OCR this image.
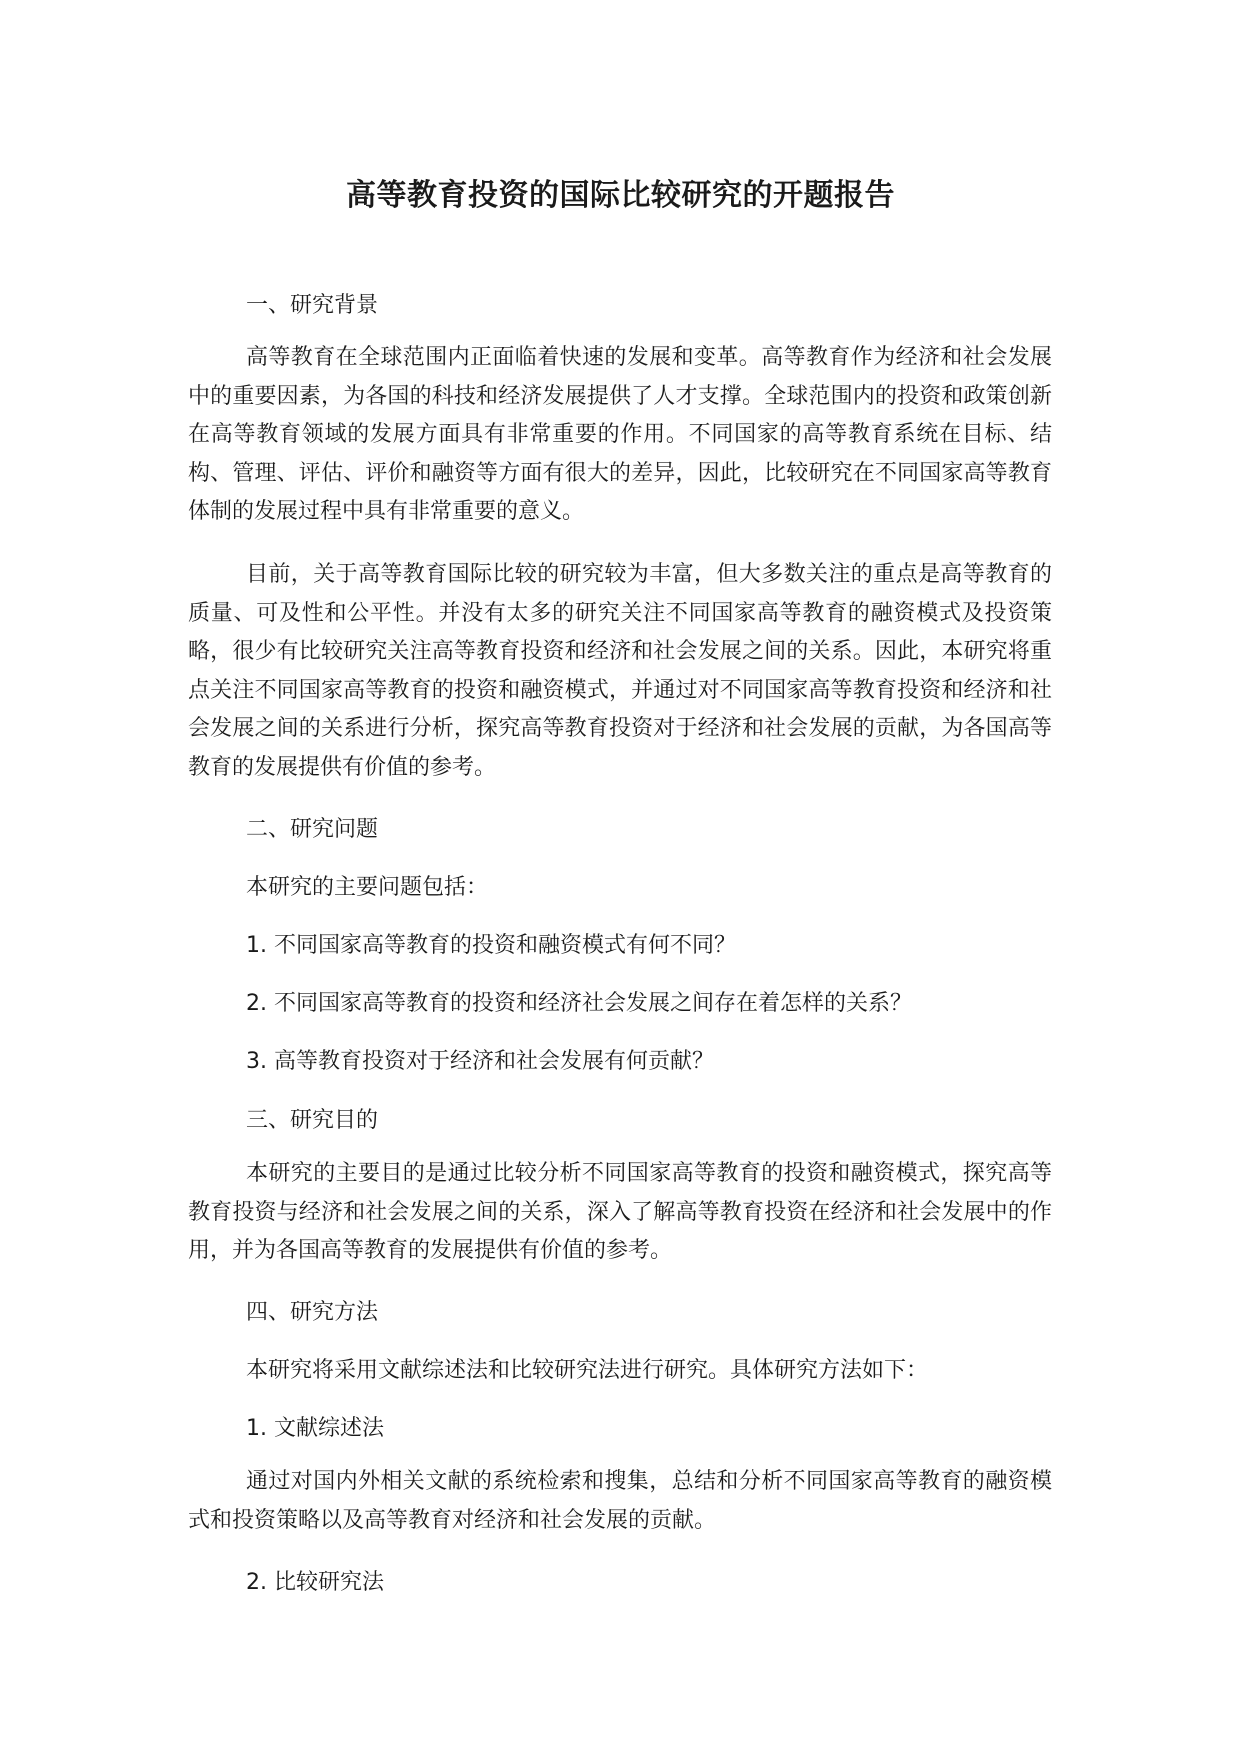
高等教育投资的国际比较研究的开题报告
一、研究背景
高等教育在全球范围内正面临着快速的发展和变革。高等教育作为经济和社会发展中的重要因素，为各国的科技和经济发展提供了人才支撑。全球范围内的投资和政策创新在高等教育领域的发展方面具有非常重要的作用。不同国家的高等教育系统在目标、结构、管理、评估、评价和融资等方面有很大的差异，因此，比较研究在不同国家高等教育体制的发展过程中具有非常重要的意义。
目前，关于高等教育国际比较的研究较为丰富，但大多数关注的重点是高等教育的质量、可及性和公平性。并没有太多的研究关注不同国家高等教育的融资模式及投资策略，很少有比较研究关注高等教育投资和经济和社会发展之间的关系。因此，本研究将重点关注不同国家高等教育的投资和融资模式，并通过对不同国家高等教育投资和经济和社会发展之间的关系进行分析，探究高等教育投资对于经济和社会发展的贡献，为各国高等教育的发展提供有价值的参考。
二、研究问题
本研究的主要问题包括：
1. 不同国家高等教育的投资和融资模式有何不同？
2. 不同国家高等教育的投资和经济社会发展之间存在着怎样的关系？
3. 高等教育投资对于经济和社会发展有何贡献？
三、研究目的
本研究的主要目的是通过比较分析不同国家高等教育的投资和融资模式，探究高等教育投资与经济和社会发展之间的关系，深入了解高等教育投资在经济和社会发展中的作用，并为各国高等教育的发展提供有价值的参考。
四、研究方法
本研究将采用文献综述法和比较研究法进行研究。具体研究方法如下：
1. 文献综述法
通过对国内外相关文献的系统检索和搜集，总结和分析不同国家高等教育的融资模式和投资策略以及高等教育对经济和社会发展的贡献。
2. 比较研究法
